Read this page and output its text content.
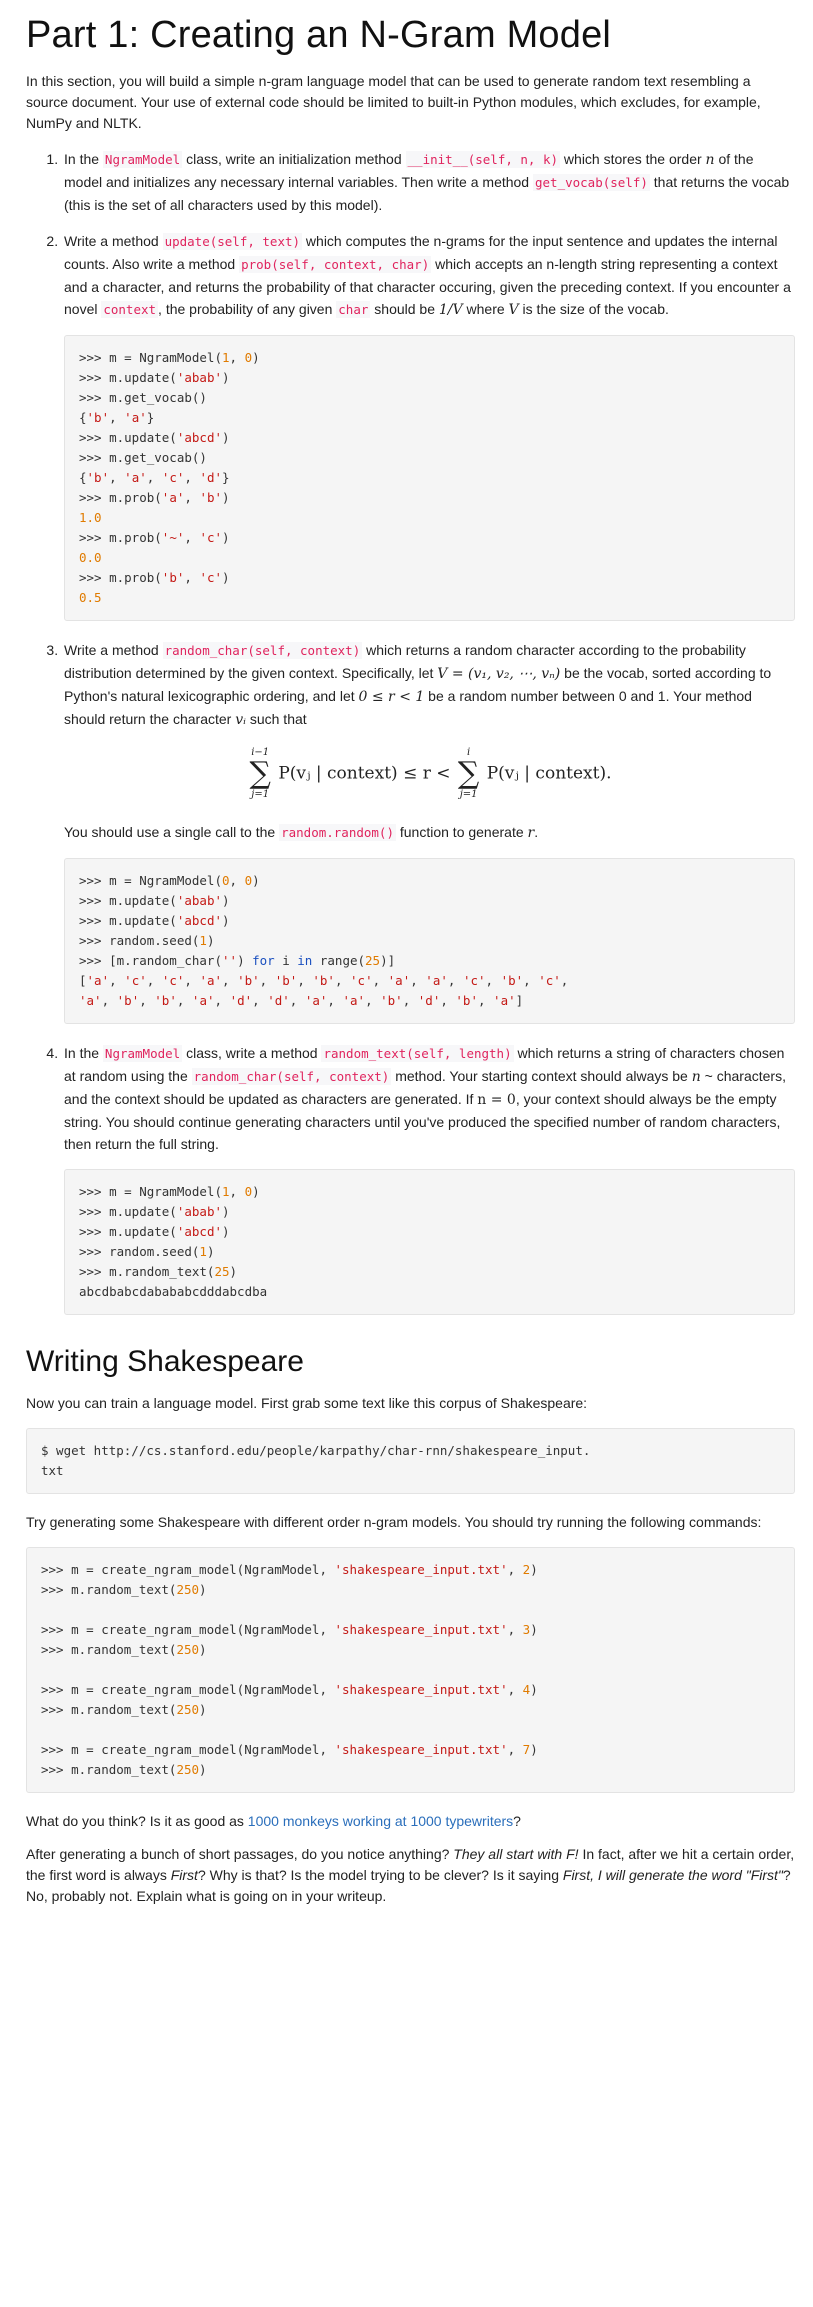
Part 1: Creating an N-Gram Model

In this section, you will build a simple n-gram language model that can be used to generate random text resembling a source document. Your use of external code should be limited to built-in Python modules, which excludes, for example, NumPy and NLTK.

1. In the NgramModel class, write an initialization method __init__(self, n, k) which stores the order n of the model and initializes any necessary internal variables. Then write a method get_vocab(self) that returns the vocab (this is the set of all characters used by this model).
2. Write a method update(self, text) which computes the n-grams for the input sentence and updates the internal counts. Also write a method prob(self, context, char) which accepts an n-length string representing a context and a character, and returns the probability of that character occuring, given the preceding context. If you encounter a novel context , the probability of any given char should be 1/V where V is the size of the vocab.
>>> m = NgramModel(1, 0)
>>> m.update('abab')
>>> m.get_vocab()
{'b', 'a'}
>>> m.update('abcd')
>>> m.get_vocab()
{'b', 'a', 'c', 'd'}
>>> m.prob('a', 'b')
1.0
>>> m.prob('~', 'c')
0.0
>>> m.prob('b', 'c')
0.5
3. Write a method random_char(self, context) which returns a random character according to the probability distribution determined by the given context. Specifically, let V = (v₁, v₂, ⋯, vₙ) be the vocab, sorted according to Python's natural lexicographic ordering, and let 0 ≤ r < 1 be a random number between 0 and 1. Your method should return the character vᵢ such that
i−1
∑
j=1
P(vⱼ | context) ≤ r <
i
∑
j=1
P(vⱼ | context).
You should use a single call to the random.random() function to generate r.
>>> m = NgramModel(0, 0)
>>> m.update('abab')
>>> m.update('abcd')
>>> random.seed(1)
>>> [m.random_char('') for i in range(25)]
['a', 'c', 'c', 'a', 'b', 'b', 'b', 'c', 'a', 'a', 'c', 'b', 'c',
'a', 'b', 'b', 'a', 'd', 'd', 'a', 'a', 'b', 'd', 'b', 'a']
4. In the NgramModel class, write a method random_text(self, length) which returns a string of characters chosen at random using the random_char(self, context) method. Your starting context should always be n ~ characters, and the context should be updated as characters are generated. If n = 0, your context should always be the empty string. You should continue generating characters until you've produced the specified number of random characters, then return the full string.
>>> m = NgramModel(1, 0)
>>> m.update('abab')
>>> m.update('abcd')
>>> random.seed(1)
>>> m.random_text(25)
abcdbabcdabababcdddabcdba
Writing Shakespeare

Now you can train a language model. First grab some text like this corpus of Shakespeare:

$ wget http://cs.stanford.edu/people/karpathy/char-rnn/shakespeare_input.
txt

Try generating some Shakespeare with different order n-gram models. You should try running the following commands:

>>> m = create_ngram_model(NgramModel, 'shakespeare_input.txt', 2)
>>> m.random_text(250)

>>> m = create_ngram_model(NgramModel, 'shakespeare_input.txt', 3)
>>> m.random_text(250)

>>> m = create_ngram_model(NgramModel, 'shakespeare_input.txt', 4)
>>> m.random_text(250)

>>> m = create_ngram_model(NgramModel, 'shakespeare_input.txt', 7)
>>> m.random_text(250)

What do you think? Is it as good as 1000 monkeys working at 1000 typewriters?

After generating a bunch of short passages, do you notice anything? They all start with F! In fact, after we hit a certain order, the first word is always First? Why is that? Is the model trying to be clever? Is it saying First, I will generate the word "First"? No, probably not. Explain what is going on in your writeup.
